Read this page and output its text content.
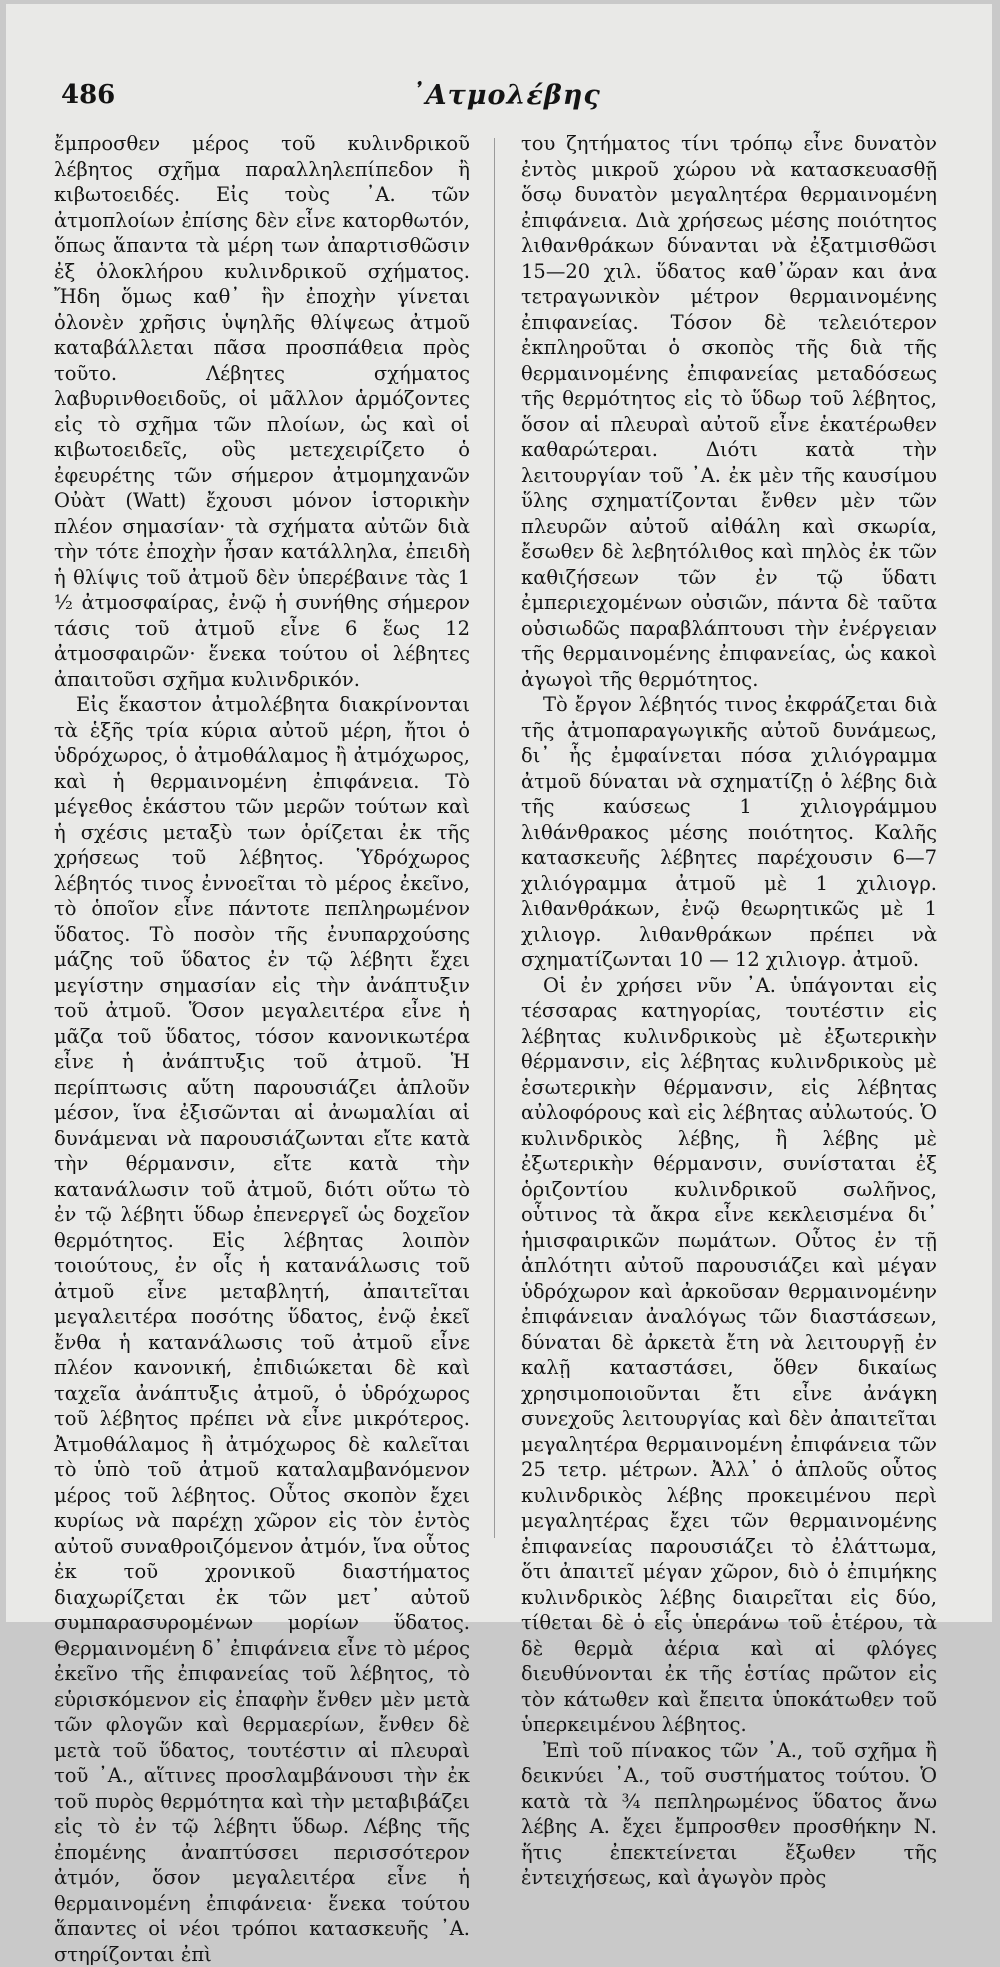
᾿Ατμολέβης
486

ἔμπροσθεν μέρος τοῦ κυλινδρικοῦ λέβητος σχῆμα παραλληλεπίπεδον ἢ κιβωτοειδές. Εἰς τοὺς ᾿Α. τῶν ἀτμοπλοίων ἐπίσης δὲν εἶνε κατορθωτόν, ὅπως ἅπαντα τὰ μέρη των ἀπαρτισθῶσιν ἐξ ὁλοκλήρου κυλινδρικοῦ σχήματος. Ἤδη ὅμως καθ᾿ ἣν ἐποχὴν γίνεται ὁλονὲν χρῆσις ὑψηλῆς θλίψεως ἀτμοῦ καταβάλλεται πᾶσα προσπάθεια πρὸς τοῦτο. Λέβητες σχήματος λαβυρινθοειδοῦς, οἱ μᾶλλον ἁρμόζοντες εἰς τὸ σχῆμα τῶν πλοίων, ὡς καὶ οἱ κιβωτοειδεῖς, οὓς μετεχειρίζετο ὁ ἐφευρέτης τῶν σήμερον ἀτμομηχανῶν Οὐὰτ (Watt) ἔχουσι μόνον ἱστορικὴν πλέον σημασίαν· τὰ σχήματα αὐτῶν διὰ τὴν τότε ἐποχὴν ἦσαν κατάλληλα, ἐπειδὴ ἡ θλίψις τοῦ ἀτμοῦ δὲν ὑπερέβαινε τὰς 1 ½ ἀτμοσφαίρας, ἐνῷ ἡ συνήθης σήμερον τάσις τοῦ ἀτμοῦ εἶνε 6 ἕως 12 ἀτμοσφαιρῶν· ἕνεκα τούτου οἱ λέβητες ἀπαιτοῦσι σχῆμα κυλινδρικόν.

Εἰς ἕκαστον ἀτμολέβητα διακρίνονται τὰ ἑξῆς τρία κύρια αὐτοῦ μέρη, ἤτοι ὁ ὑδρόχωρος, ὁ ἀτμοθάλαμος ἢ ἀτμόχωρος, καὶ ἡ θερμαινομένη ἐπιφάνεια. Τὸ μέγεθος ἑκάστου τῶν μερῶν τούτων καὶ ἡ σχέσις μεταξὺ των ὁρίζεται ἐκ τῆς χρήσεως τοῦ λέβητος. Ὑδρόχωρος λέβητός τινος ἐννοεῖται τὸ μέρος ἐκεῖνο, τὸ ὁποῖον εἶνε πάντοτε πεπληρωμένον ὕδατος. Τὸ ποσὸν τῆς ἐνυπαρχούσης μάζης τοῦ ὕδατος ἐν τῷ λέβητι ἔχει μεγίστην σημασίαν εἰς τὴν ἀνάπτυξιν τοῦ ἀτμοῦ. Ὅσον μεγαλειτέρα εἶνε ἡ μᾶζα τοῦ ὕδατος, τόσον κανονικωτέρα εἶνε ἡ ἀνάπτυξις τοῦ ἀτμοῦ. Ἡ περίπτωσις αὕτη παρουσιάζει ἁπλοῦν μέσον, ἵνα ἐξισῶνται αἱ ἀνωμαλίαι αἱ δυνάμεναι νὰ παρουσιάζωνται εἴτε κατὰ τὴν θέρμανσιν, εἴτε κατὰ τὴν κατανάλωσιν τοῦ ἀτμοῦ, διότι οὕτω τὸ ἐν τῷ λέβητι ὕδωρ ἐπενεργεῖ ὡς δοχεῖον θερμότητος. Εἰς λέβητας λοιπὸν τοιούτους, ἐν οἷς ἡ κατανάλωσις τοῦ ἀτμοῦ εἶνε μεταβλητή, ἀπαιτεῖται μεγαλειτέρα ποσότης ὕδατος, ἐνῷ ἐκεῖ ἔνθα ἡ κατανάλωσις τοῦ ἀτμοῦ εἶνε πλέον κανονική, ἐπιδιώκεται δὲ καὶ ταχεῖα ἀνάπτυξις ἀτμοῦ, ὁ ὑδρόχωρος τοῦ λέβητος πρέπει νὰ εἶνε μικρότερος. Ἀτμοθάλαμος ἢ ἀτμόχωρος δὲ καλεῖται τὸ ὑπὸ τοῦ ἀτμοῦ καταλαμβανόμενον μέρος τοῦ λέβητος. Οὗτος σκοπὸν ἔχει κυρίως νὰ παρέχῃ χῶρον εἰς τὸν ἐντὸς αὐτοῦ συναθροιζόμενον ἀτμόν, ἵνα οὗτος ἐκ τοῦ χρονικοῦ διαστήματος διαχωρίζεται ἐκ τῶν μετ᾿ αὐτοῦ συμπαρασυρομένων μορίων ὕδατος. Θερμαινομένη δ᾿ ἐπιφάνεια εἶνε τὸ μέρος ἐκεῖνο τῆς ἐπιφανείας τοῦ λέβητος, τὸ εὑρισκόμενον εἰς ἐπαφὴν ἔνθεν μὲν μετὰ τῶν φλογῶν καὶ θερμαερίων, ἔνθεν δὲ μετὰ τοῦ ὕδατος, τουτέστιν αἱ πλευραὶ τοῦ ᾿Α., αἵτινες προσλαμβάνουσι τὴν ἐκ τοῦ πυρὸς θερμότητα καὶ τὴν μεταβιβάζει εἰς τὸ ἐν τῷ λέβητι ὕδωρ. Λέβης τῆς ἐπομένης ἀναπτύσσει περισσότερον ἀτμόν, ὅσον μεγαλειτέρα εἶνε ἡ θερμαινομένη ἐπιφάνεια· ἕνεκα τούτου ἅπαντες οἱ νέοι τρόποι κατασκευῆς ᾿Α. στηρίζονται ἐπὶ

του ζητήματος τίνι τρόπῳ εἶνε δυνατὸν ἐντὸς μικροῦ χώρου νὰ κατασκευασθῇ ὅσῳ δυνατὸν μεγαλητέρα θερμαινομένη ἐπιφάνεια. Διὰ χρήσεως μέσης ποιότητος λιθανθράκων δύνανται νὰ ἐξατμισθῶσι 15—20 χιλ. ὕδατος καθ᾿ὥραν και ἀνα τετραγωνικὸν μέτρον θερμαινομένης ἐπιφανείας. Τόσον δὲ τελειότερον ἐκπληροῦται ὁ σκοπὸς τῆς διὰ τῆς θερμαινομένης ἐπιφανείας μεταδόσεως τῆς θερμότητος εἰς τὸ ὕδωρ τοῦ λέβητος, ὅσον αἱ πλευραὶ αὐτοῦ εἶνε ἑκατέρωθεν καθαρώτεραι. Διότι κατὰ τὴν λειτουργίαν τοῦ ᾿Α. ἐκ μὲν τῆς καυσίμου ὕλης σχηματίζονται ἔνθεν μὲν τῶν πλευρῶν αὐτοῦ αἰθάλη καὶ σκωρία, ἔσωθεν δὲ λεβητόλιθος καὶ πηλὸς ἐκ τῶν καθιζήσεων τῶν ἐν τῷ ὕδατι ἐμπεριεχομένων οὐσιῶν, πάντα δὲ ταῦτα οὐσιωδῶς παραβλάπτουσι τὴν ἐνέργειαν τῆς θερμαινομένης ἐπιφανείας, ὡς κακοὶ ἀγωγοὶ τῆς θερμότητος.

Τὸ ἔργον λέβητός τινος ἐκφράζεται διὰ τῆς ἀτμοπαραγωγικῆς αὐτοῦ δυνάμεως, δι᾿ ἧς ἐμφαίνεται πόσα χιλιόγραμμα ἀτμοῦ δύναται νὰ σχηματίζῃ ὁ λέβης διὰ τῆς καύσεως 1 χιλιογράμμου λιθάνθρακος μέσης ποιότητος. Καλῆς κατασκευῆς λέβητες παρέχουσιν 6—7 χιλιόγραμμα ἀτμοῦ μὲ 1 χιλιογρ. λιθανθράκων, ἐνῷ θεωρητικῶς μὲ 1 χιλιογρ. λιθανθράκων πρέπει νὰ σχηματίζωνται 10 — 12 χιλιογρ. ἀτμοῦ.

Οἱ ἐν χρήσει νῦν ᾿Α. ὑπάγονται εἰς τέσσαρας κατηγορίας, τουτέστιν εἰς λέβητας κυλινδρικοὺς μὲ ἐξωτερικὴν θέρμανσιν, εἰς λέβητας κυλινδρικοὺς μὲ ἐσωτερικὴν θέρμανσιν, εἰς λέβητας αὐλοφόρους καὶ εἰς λέβητας αὐλωτούς. Ὁ κυλινδρικὸς λέβης, ἢ λέβης μὲ ἐξωτερικὴν θέρμανσιν, συνίσταται ἐξ ὁριζοντίου κυλινδρικοῦ σωλῆνος, οὗτινος τὰ ἄκρα εἶνε κεκλεισμένα δι᾿ ἡμισφαιρικῶν πωμάτων. Οὗτος ἐν τῇ ἁπλότητι αὐτοῦ παρουσιάζει καὶ μέγαν ὑδρόχωρον καὶ ἀρκοῦσαν θερμαινομένην ἐπιφάνειαν ἀναλόγως τῶν διαστάσεων, δύναται δὲ ἀρκετὰ ἔτη νὰ λειτουργῇ ἐν καλῇ καταστάσει, ὅθεν δικαίως χρησιμοποιοῦνται ἔτι εἶνε ἀνάγκη συνεχοῦς λειτουργίας καὶ δὲν ἀπαιτεῖται μεγαλητέρα θερμαινομένη ἐπιφάνεια τῶν 25 τετρ. μέτρων. Ἀλλ᾿ ὁ ἁπλοῦς οὗτος κυλινδρικὸς λέβης προκειμένου περὶ μεγαλητέρας ἔχει τῶν θερμαινομένης ἐπιφανείας παρουσιάζει τὸ ἐλάττωμα, ὅτι ἀπαιτεῖ μέγαν χῶρον, διὸ ὁ ἐπιμήκης κυλινδρικὸς λέβης διαιρεῖται εἰς δύο, τίθεται δὲ ὁ εἷς ὑπεράνω τοῦ ἑτέρου, τὰ δὲ θερμὰ ἀέρια καὶ αἱ φλόγες διευθύνονται ἐκ τῆς ἑστίας πρῶτον εἰς τὸν κάτωθεν καὶ ἔπειτα ὑποκάτωθεν τοῦ ὑπερκειμένου λέβητος.

Ἐπὶ τοῦ πίνακος τῶν ᾿Α., τοῦ σχῆμα ἢ δεικνύει ᾿Α., τοῦ συστήματος τούτου. Ὁ κατὰ τὰ ¾ πεπληρωμένος ὕδατος ἄνω λέβης Α. ἔχει ἔμπροσθεν προσθήκην Ν. ἥτις ἐπεκτείνεται ἔξωθεν τῆς ἐντειχήσεως, καὶ ἀγωγὸν πρὸς
